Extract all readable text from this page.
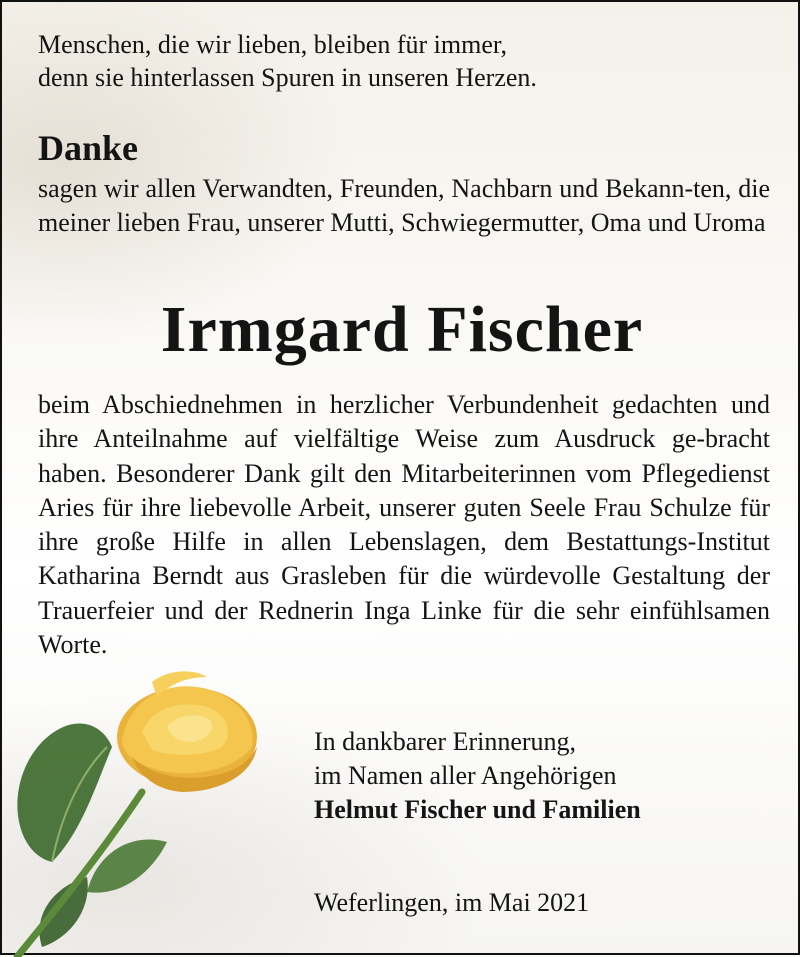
Menschen, die wir lieben, bleiben für immer,
denn sie hinterlassen Spuren in unseren Herzen.

Danke

sagen wir allen Verwandten, Freunden, Nachbarn und Bekann-ten, die meiner lieben Frau, unserer Mutti, Schwiegermutter, Oma und Uroma

Irmgard Fischer

beim Abschiednehmen in herzlicher Verbundenheit gedachten und ihre Anteilnahme auf vielfältige Weise zum Ausdruck ge-bracht haben. Besonderer Dank gilt den Mitarbeiterinnen vom Pflegedienst Aries für ihre liebevolle Arbeit, unserer guten Seele Frau Schulze für ihre große Hilfe in allen Lebenslagen, dem Bestattungs-Institut Katharina Berndt aus Grasleben für die würdevolle Gestaltung der Trauerfeier und der Rednerin Inga Linke für die sehr einfühlsamen Worte.

In dankbarer Erinnerung,
im Namen aller Angehörigen
Helmut Fischer und Familien

Weferlingen, im Mai 2021
